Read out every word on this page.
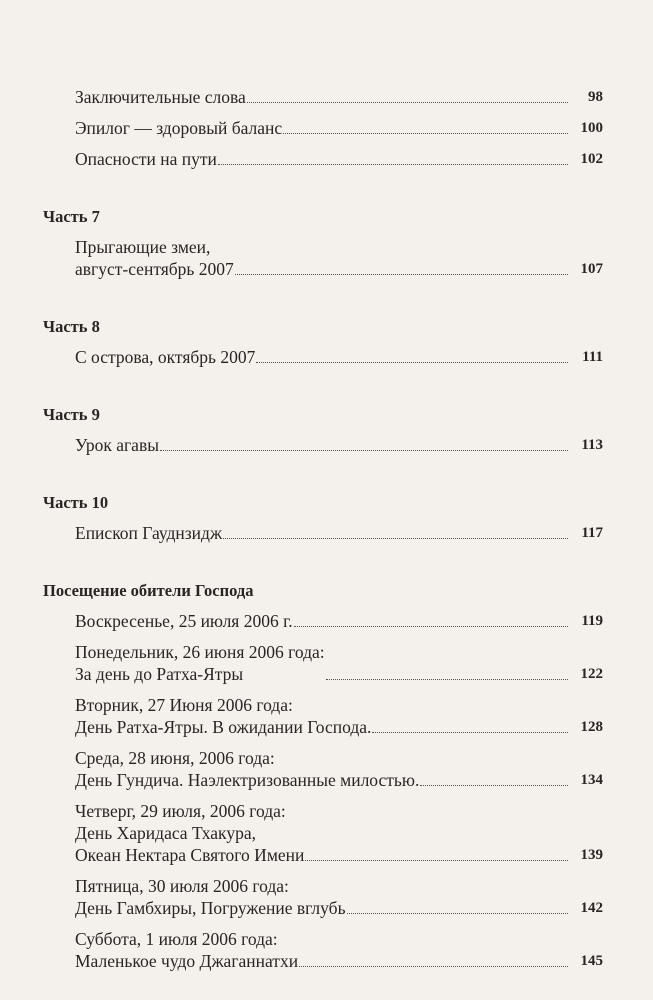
Заключительные слова	98
Эпилог — здоровый баланс	100
Опасности на пути	102
Часть 7
Прыгающие змеи,
август-сентябрь 2007	107
Часть 8
С острова, октябрь 2007	111
Часть 9
Урок агавы	113
Часть 10
Епископ Гауднзидж	117
Посещение обители Господа
Воскресенье, 25 июля 2006 г.	119
Понедельник, 26 июня 2006 года:
За день до Ратха-Ятры	122
Вторник, 27 Июня 2006 года:
День Ратха-Ятры. В ожидании Господа.	128
Среда, 28 июня, 2006 года:
День Гундича. Наэлектризованные милостью.	134
Четверг, 29 июля, 2006 года:
День Харидаса Тхакура,
Океан Нектара Святого Имени	139
Пятница, 30 июля 2006 года:
День Гамбхиры, Погружение вглубь	142
Суббота, 1 июля 2006 года:
Маленькое чудо Джаганнатхи	145
